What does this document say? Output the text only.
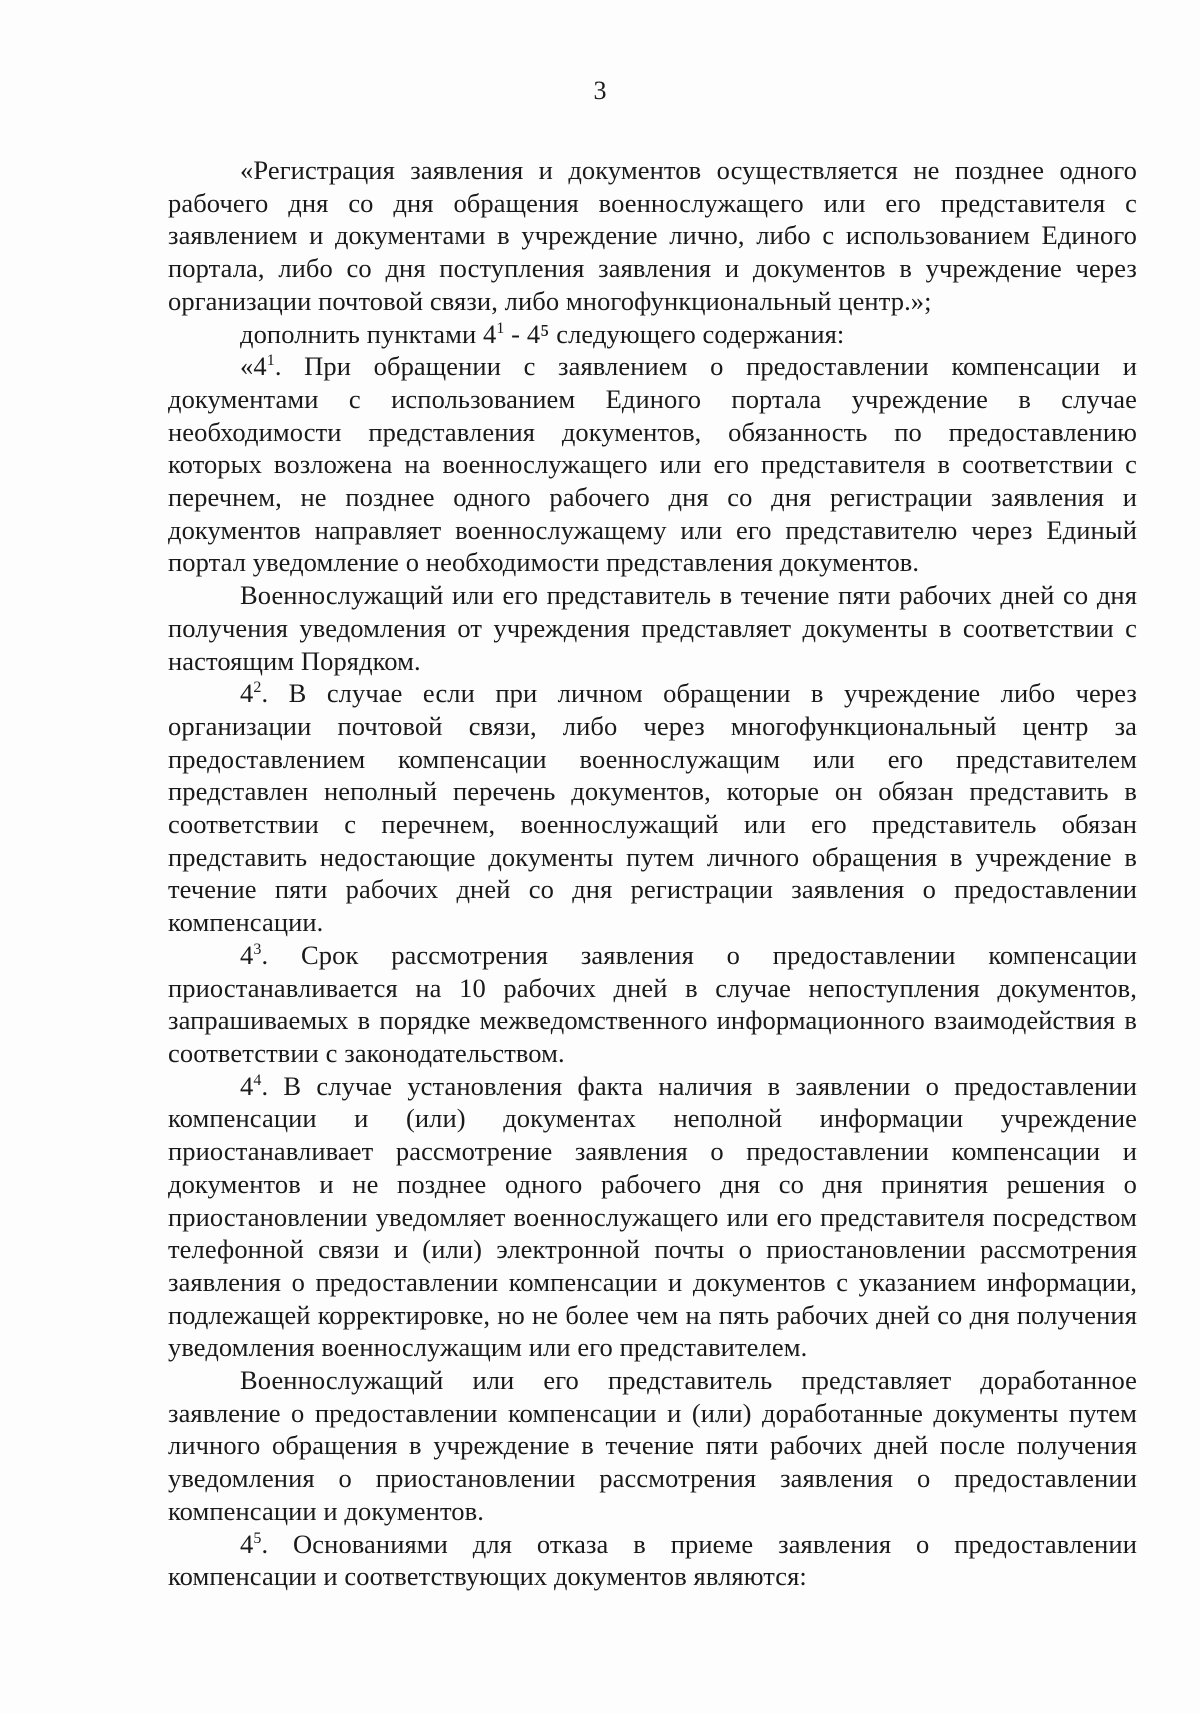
3

«Регистрация заявления и документов осуществляется не позднее одного рабочего дня со дня обращения военнослужащего или его представителя с заявлением и документами в учреждение лично, либо с использованием Единого портала, либо со дня поступления заявления и документов в учреждение через организации почтовой связи, либо многофункциональный центр.»;

дополнить пунктами $4^1 - 4^5$ следующего содержания:

«$4^1$. При обращении с заявлением о предоставлении компенсации и документами с использованием Единого портала учреждение в случае необходимости представления документов, обязанность по предоставлению которых возложена на военнослужащего или его представителя в соответствии с перечнем, не позднее одного рабочего дня со дня регистрации заявления и документов направляет военнослужащему или его представителю через Единый портал уведомление о необходимости представления документов.

Военнослужащий или его представитель в течение пяти рабочих дней со дня получения уведомления от учреждения представляет документы в соответствии с настоящим Порядком.

$4^2$. В случае если при личном обращении в учреждение либо через организации почтовой связи, либо через многофункциональный центр за предоставлением компенсации военнослужащим или его представителем представлен неполный перечень документов, которые он обязан представить в соответствии с перечнем, военнослужащий или его представитель обязан представить недостающие документы путем личного обращения в учреждение в течение пяти рабочих дней со дня регистрации заявления о предоставлении компенсации.

$4^3$. Срок рассмотрения заявления о предоставлении компенсации приостанавливается на 10 рабочих дней в случае непоступления документов, запрашиваемых в порядке межведомственного информационного взаимодействия в соответствии с законодательством.

$4^4$. В случае установления факта наличия в заявлении о предоставлении компенсации и (или) документах неполной информации учреждение приостанавливает рассмотрение заявления о предоставлении компенсации и документов и не позднее одного рабочего дня со дня принятия решения о приостановлении уведомляет военнослужащего или его представителя посредством телефонной связи и (или) электронной почты о приостановлении рассмотрения заявления о предоставлении компенсации и документов с указанием информации, подлежащей корректировке, но не более чем на пять рабочих дней со дня получения уведомления военнослужащим или его представителем.

Военнослужащий или его представитель представляет доработанное заявление о предоставлении компенсации и (или) доработанные документы путем личного обращения в учреждение в течение пяти рабочих дней после получения уведомления о приостановлении рассмотрения заявления о предоставлении компенсации и документов.

$4^5$. Основаниями для отказа в приеме заявления о предоставлении компенсации и соответствующих документов являются:
